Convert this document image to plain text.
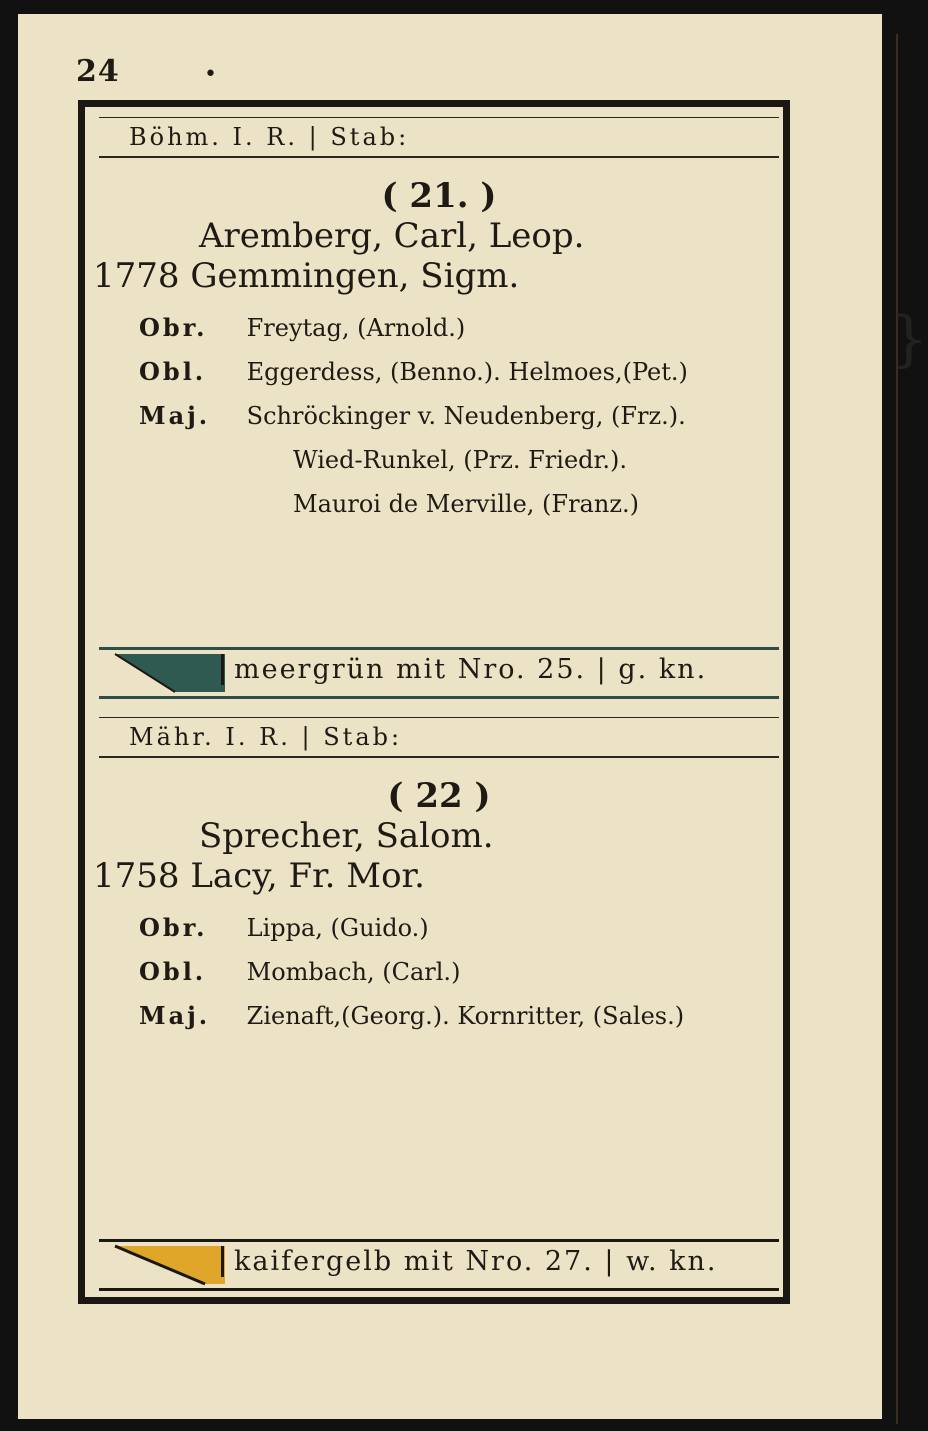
}
24	•
Böhm. I. R. | Stab:
( 21. )
Aremberg, Carl, Leop.
1778 Gemmingen, Sigm.
Obr. Freytag, (Arnold.)
Obl. Eggerdess, (Benno.). Helmoes,(Pet.)
Maj. Schröckinger v. Neudenberg, (Frz.).
Wied-Runkel, (Prz. Friedr.).
Mauroi de Merville, (Franz.)
meergrün mit Nro. 25. | g. kn.
Mähr. I. R. | Stab:
( 22 )
Sprecher, Salom.
1758 Lacy, Fr. Mor.
Obr. Lippa, (Guido.)
Obl. Mombach, (Carl.)
Maj. Zienaft,(Georg.). Kornritter, (Sales.)
kaifergelb mit Nro. 27. | w. kn.
